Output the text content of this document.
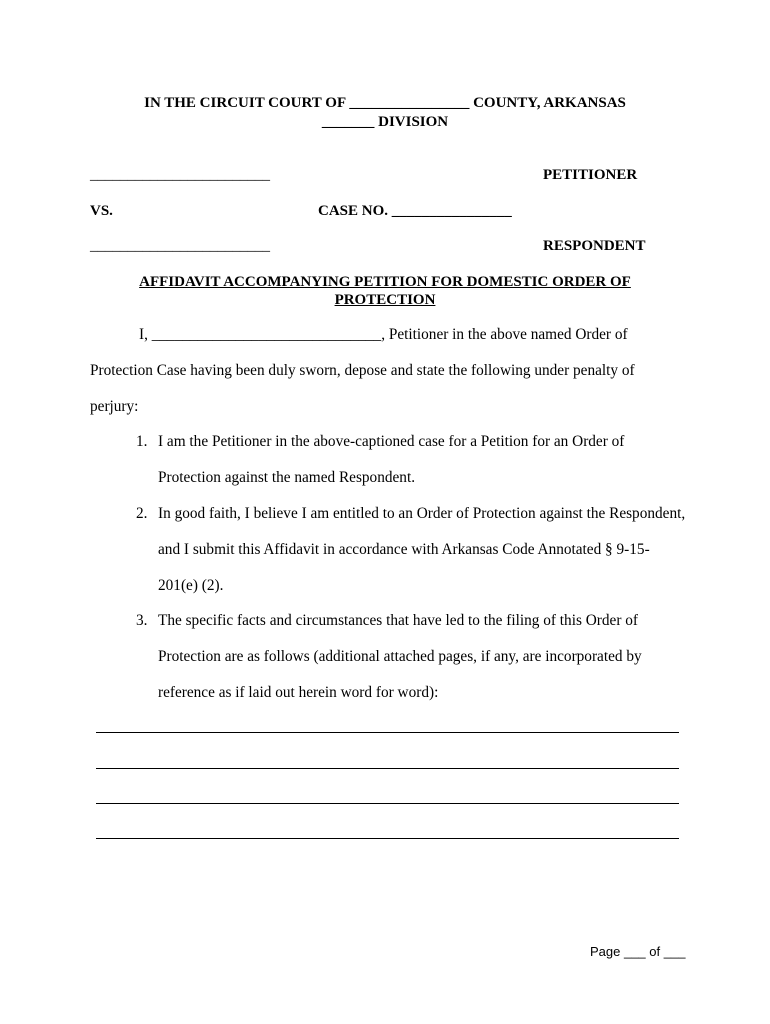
IN THE CIRCUIT COURT OF ________________ COUNTY, ARKANSAS
_______ DIVISION
________________________	PETITIONER
VS.	CASE NO. ________________
________________________	RESPONDENT
AFFIDAVIT ACCOMPANYING PETITION FOR DOMESTIC ORDER OF
PROTECTION
I, ______________________________, Petitioner in the above named Order of
Protection Case having been duly sworn, depose and state the following under penalty of
perjury:
1. I am the Petitioner in the above-captioned case for a Petition for an Order of
Protection against the named Respondent.
2. In good faith, I believe I am entitled to an Order of Protection against the Respondent,
and I submit this Affidavit in accordance with Arkansas Code Annotated § 9-15-
201(e) (2).
3. The specific facts and circumstances that have led to the filing of this Order of
Protection are as follows (additional attached pages, if any, are incorporated by
reference as if laid out herein word for word):
Page ___ of ___
